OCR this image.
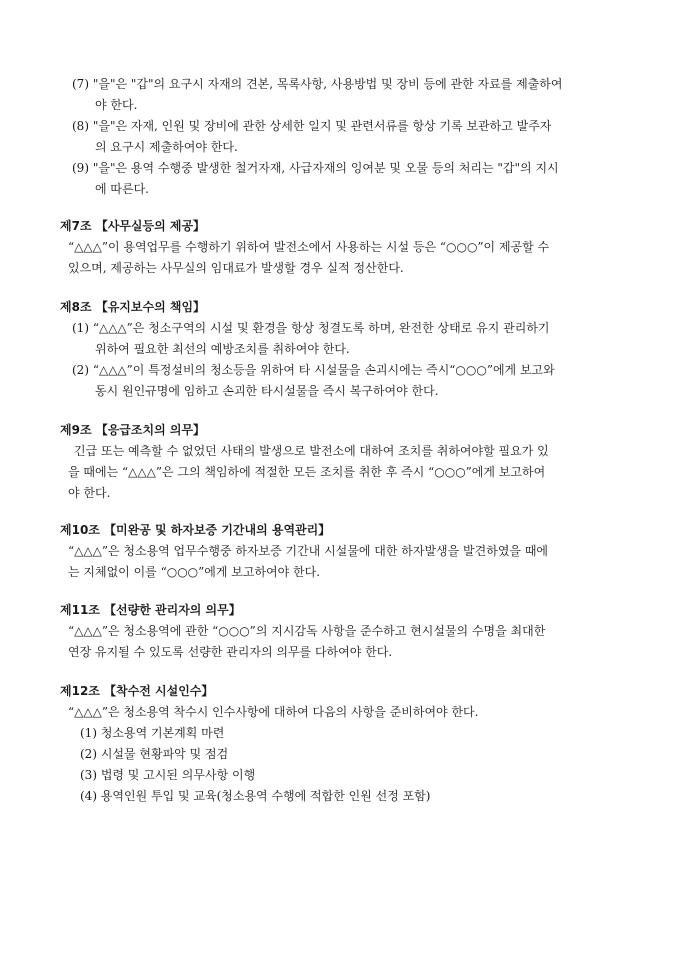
(7) "을"은 "갑"의 요구시 자재의 견본, 목록사항, 사용방법 및 장비 등에 관한 자료를 제출하여
야 한다.
(8) "을"은 자재, 인원 및 장비에 관한 상세한 일지 및 관련서류를 항상 기록 보관하고 발주자
의 요구시 제출하여야 한다.
(9) "을"은 용역 수행중 발생한 철거자재, 사급자재의 잉여분 및 오물 등의 처리는 "갑"의 지시
에 따른다.
제7조 【사무실등의 제공】
“△△△”이 용역업무를 수행하기 위하여 발전소에서 사용하는 시설 등은 “○○○”이 제공할 수
있으며, 제공하는 사무실의 임대료가 발생할 경우 실적 정산한다.
제8조 【유지보수의 책임】
(1) “△△△”은 청소구역의 시설 및 환경을 항상 청결도록 하며, 완전한 상태로 유지 관리하기
위하여 필요한 최선의 예방조치를 취하여야 한다.
(2) “△△△”이 특정설비의 청소등을 위하여 타 시설물을 손괴시에는 즉시“○○○”에게 보고와
동시 원인규명에 임하고 손괴한 타시설물을 즉시 복구하여야 한다.
제9조 【응급조치의 의무】
긴급 또는 예측할 수 없었던 사태의 발생으로 발전소에 대하여 조치를 취하여야할 필요가 있
을 때에는 “△△△”은 그의 책임하에 적절한 모든 조치를 취한 후 즉시 “○○○”에게 보고하여
야 한다.
제10조 【미완공 및 하자보증 기간내의 용역관리】
“△△△”은 청소용역 업무수행중 하자보증 기간내 시설물에 대한 하자발생을 발견하였을 때에
는 지체없이 이를 “○○○”에게 보고하여야 한다.
제11조 【선량한 관리자의 의무】
“△△△”은 청소용역에 관한 “○○○”의 지시감독 사항을 준수하고 현시설물의 수명을 최대한
연장 유지될 수 있도록 선량한 관리자의 의무를 다하여야 한다.
제12조 【착수전 시설인수】
“△△△”은 청소용역 착수시 인수사항에 대하여 다음의 사항을 준비하여야 한다.
(1) 청소용역 기본계획 마련
(2) 시설물 현황파악 및 점검
(3) 법령 및 고시된 의무사항 이행
(4) 용역인원 투입 및 교육(청소용역 수행에 적합한 인원 선정 포함)
